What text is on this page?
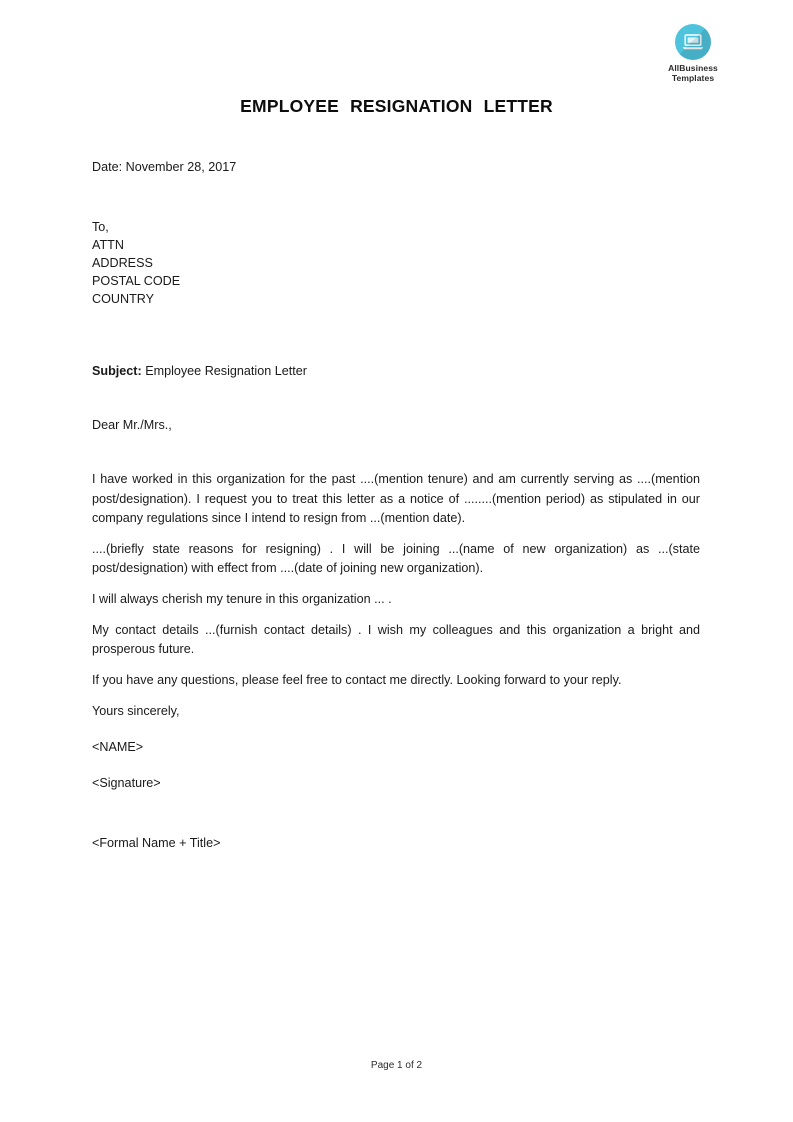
AllBusiness
Templates
EMPLOYEE RESIGNATION LETTER
Date: November 28, 2017
To,
ATTN
ADDRESS
POSTAL CODE
COUNTRY
Subject: Employee Resignation Letter
Dear Mr./Mrs.,

I have worked in this organization for the past ....(mention tenure) and am currently serving as ....(mention post/designation). I request you to treat this letter as a notice of ........(mention period) as stipulated in our company regulations since I intend to resign from ...(mention date).

....(briefly state reasons for resigning) . I will be joining ...(name of new organization) as ...(state post/designation) with effect from ....(date of joining new organization).

I will always cherish my tenure in this organization ... .

My contact details ...(furnish contact details) . I wish my colleagues and this organization a bright and prosperous future.

If you have any questions, please feel free to contact me directly. Looking forward to your reply.

Yours sincerely,
<NAME>
<Signature>
<Formal Name + Title>
Page 1 of 2
